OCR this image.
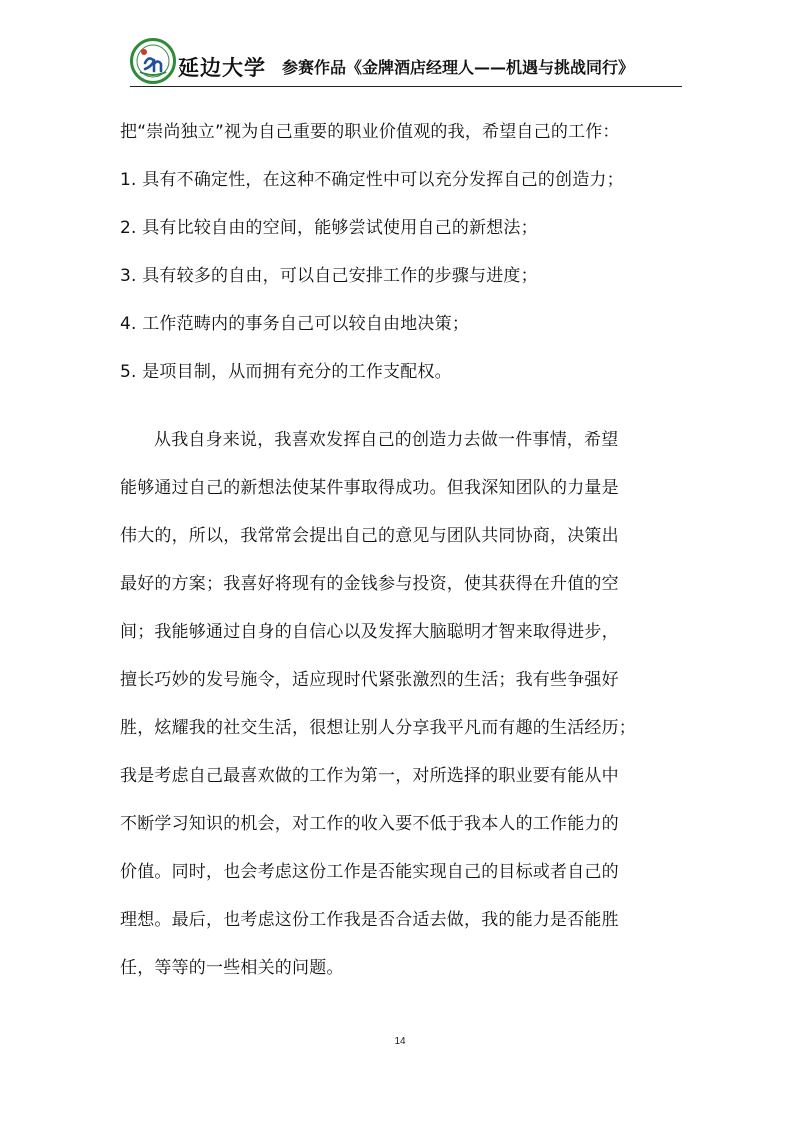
延边大学 参赛作品《金牌酒店经理人——机遇与挑战同行》
把“崇尚独立”视为自己重要的职业价值观的我，希望自己的工作：
1. 具有不确定性，在这种不确定性中可以充分发挥自己的创造力；
2. 具有比较自由的空间，能够尝试使用自己的新想法；
3. 具有较多的自由，可以自己安排工作的步骤与进度；
4. 工作范畴内的事务自己可以较自由地决策；
5. 是项目制，从而拥有充分的工作支配权。
从我自身来说，我喜欢发挥自己的创造力去做一件事情，希望
能够通过自己的新想法使某件事取得成功。但我深知团队的力量是
伟大的，所以，我常常会提出自己的意见与团队共同协商，决策出
最好的方案；我喜好将现有的金钱参与投资，使其获得在升值的空
间；我能够通过自身的自信心以及发挥大脑聪明才智来取得进步，
擅长巧妙的发号施令，适应现时代紧张激烈的生活；我有些争强好
胜，炫耀我的社交生活，很想让别人分享我平凡而有趣的生活经历；
我是考虑自己最喜欢做的工作为第一，对所选择的职业要有能从中
不断学习知识的机会，对工作的收入要不低于我本人的工作能力的
价值。同时，也会考虑这份工作是否能实现自己的目标或者自己的
理想。最后，也考虑这份工作我是否合适去做，我的能力是否能胜
任，等等的一些相关的问题。
14
